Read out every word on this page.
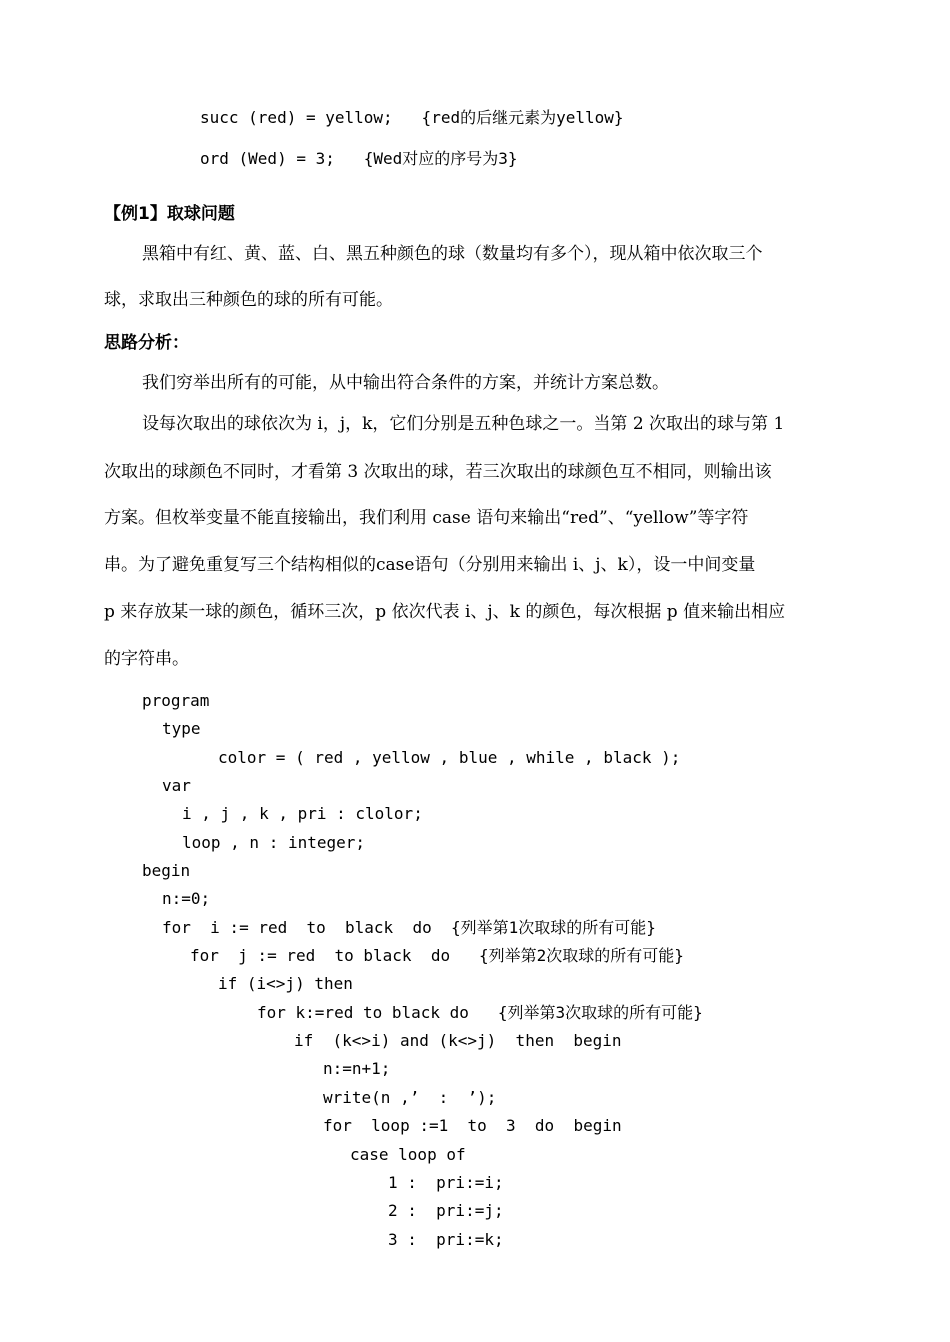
succ (red) = yellow;   {red的后继元素为yellow}
ord (Wed) = 3;   {Wed对应的序号为3}
【例1】取球问题
黑箱中有红、黄、蓝、白、黑五种颜色的球（数量均有多个），现从箱中依次取三个
球，求取出三种颜色的球的所有可能。
思路分析：
我们穷举出所有的可能，从中输出符合条件的方案，并统计方案总数。
设每次取出的球依次为 i，j，k，它们分别是五种色球之一。当第 2 次取出的球与第 1
次取出的球颜色不同时，才看第 3 次取出的球，若三次取出的球颜色互不相同，则输出该
方案。但枚举变量不能直接输出，我们利用 case 语句来输出“red”、“yellow”等字符
串。为了避免重复写三个结构相似的case语句（分别用来输出 i、j、k），设一中间变量
p 来存放某一球的颜色，循环三次，p 依次代表 i、j、k 的颜色，每次根据 p 值来输出相应
的字符串。
program
type
color = ( red , yellow , blue , while , black );
var
i , j , k , pri : clolor;
loop , n : integer;
begin
n:=0;
for  i := red  to  black  do  {列举第1次取球的所有可能}
for  j := red  to black  do   {列举第2次取球的所有可能}
if (i<>j) then
for k:=red to black do   {列举第3次取球的所有可能}
if  (k<>i) and (k<>j)  then  begin
n:=n+1;
write(n ,’  :  ’);
for  loop :=1  to  3  do  begin
case loop of
1 :  pri:=i;
2 :  pri:=j;
3 :  pri:=k;
